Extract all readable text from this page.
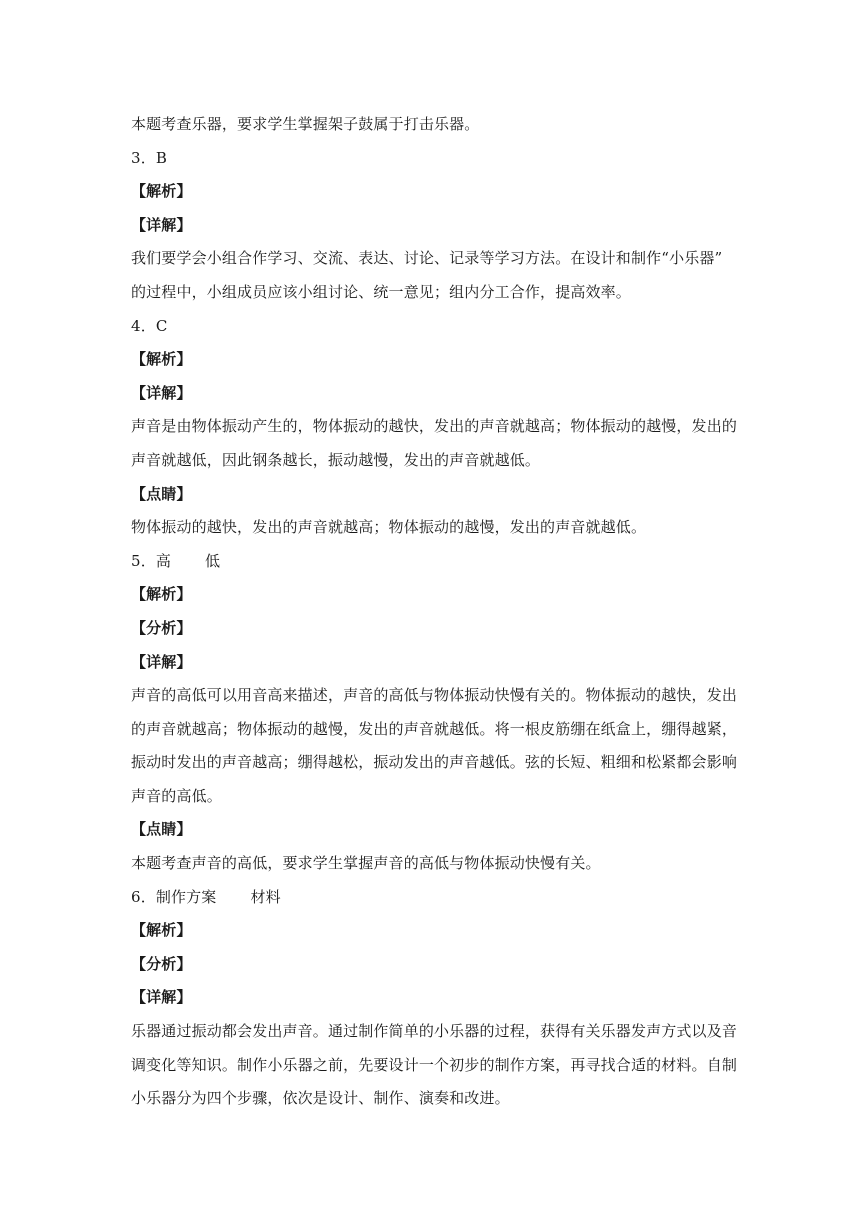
本题考查乐器，要求学生掌握架子鼓属于打击乐器。
3．B
【解析】
【详解】
我们要学会小组合作学习、交流、表达、讨论、记录等学习方法。在设计和制作“小乐器”
的过程中，小组成员应该小组讨论、统一意见；组内分工合作，提高效率。
4．C
【解析】
【详解】
声音是由物体振动产生的，物体振动的越快，发出的声音就越高；物体振动的越慢，发出的
声音就越低，因此钢条越长，振动越慢，发出的声音就越低。
【点睛】
物体振动的越快，发出的声音就越高；物体振动的越慢，发出的声音就越低。
5．高 低
【解析】
【分析】
【详解】
声音的高低可以用音高来描述，声音的高低与物体振动快慢有关的。物体振动的越快，发出
的声音就越高；物体振动的越慢，发出的声音就越低。将一根皮筋绷在纸盒上，绷得越紧，
振动时发出的声音越高；绷得越松，振动发出的声音越低。弦的长短、粗细和松紧都会影响
声音的高低。
【点睛】
本题考查声音的高低，要求学生掌握声音的高低与物体振动快慢有关。
6．制作方案 材料
【解析】
【分析】
【详解】
乐器通过振动都会发出声音。通过制作简单的小乐器的过程，获得有关乐器发声方式以及音
调变化等知识。制作小乐器之前，先要设计一个初步的制作方案，再寻找合适的材料。自制
小乐器分为四个步骤，依次是设计、制作、演奏和改进。
